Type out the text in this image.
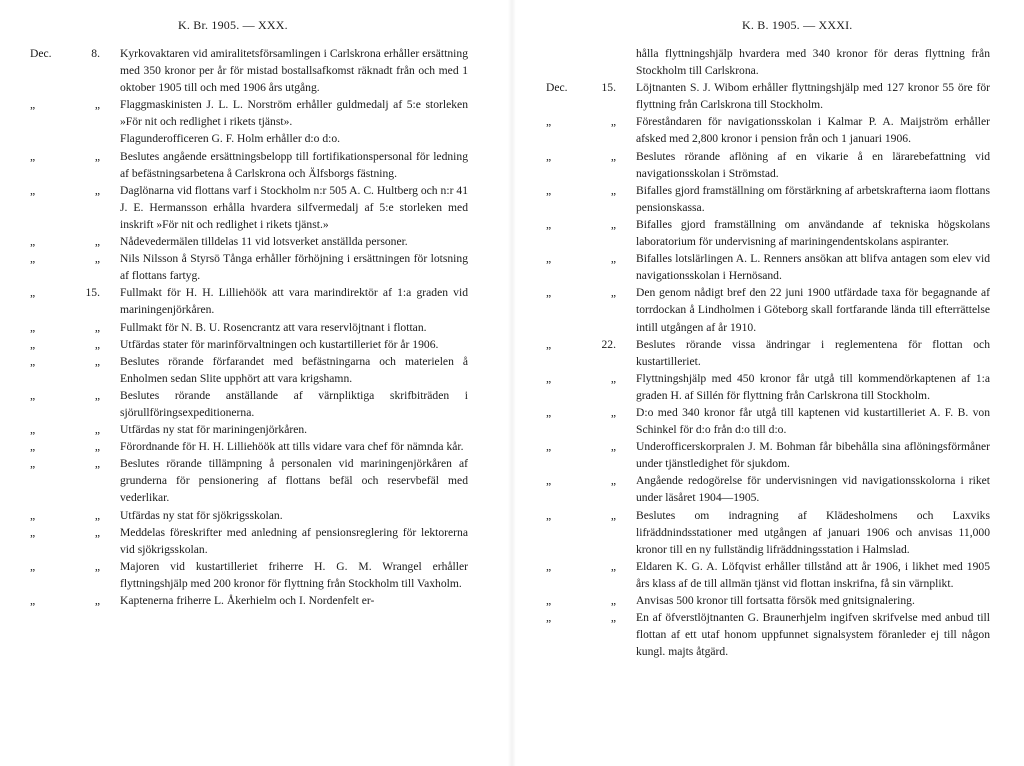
K. Br. 1905. — XXX.
Dec.	8. Kyrkovaktaren vid amiralitetsförsamlingen i Carlskrona erhåller ersättning med 350 kronor per år för mistad bostallsafkomst räknadt från och med 1 oktober 1905 till och med 1906 års utgång.
„	„ Flaggmaskinisten J. L. L. Norström erhåller guldmedalj af 5:e storleken »För nit och redlighet i rikets tjänst».
Flagunderofficeren G. F. Holm erhåller d:o d:o.
„	„ Beslutes angående ersättningsbelopp till fortifikationspersonal för ledning af befästningsarbetena å Carlskrona och Älfsborgs fästning.
„	„ Daglönarna vid flottans varf i Stockholm n:r 505 A. C. Hultberg och n:r 41 J. E. Hermansson erhålla hvardera silfvermedalj af 5:e storleken med inskrift »För nit och redlighet i rikets tjänst.»
„	„ Nådevedermälen tilldelas 11 vid lotsverket anställda personer.
„	„ Nils Nilsson å Styrsö Tånga erhåller förhöjning i ersättningen för lotsning af flottans fartyg.
„	15. Fullmakt för H. H. Lilliehöök att vara marindirektör af 1:a graden vid mariningenjörkåren.
„	„ Fullmakt för N. B. U. Rosencrantz att vara reservlöjtnant i flottan.
„	„ Utfärdas stater för marinförvaltningen och kustartilleriet för år 1906.
„	„ Beslutes rörande förfarandet med befästningarna och materielen å Enholmen sedan Slite upphört att vara krigshamn.
„	„ Beslutes rörande anställande af värnpliktiga skrifbiträden i sjörullföringsexpeditionerna.
„	„ Utfärdas ny stat för mariningenjörkåren.
„	„ Förordnande för H. H. Lilliehöök att tills vidare vara chef för nämnda kår.
„	„ Beslutes rörande tillämpning å personalen vid mariningenjörkåren af grunderna för pensionering af flottans befäl och reservbefäl med vederlikar.
„	„ Utfärdas ny stat för sjökrigsskolan.
„	„ Meddelas föreskrifter med anledning af pensionsreglering för lektorerna vid sjökrigsskolan.
„	„ Majoren vid kustartilleriet friherre H. G. M. Wrangel erhåller flyttningshjälp med 200 kronor för flyttning från Stockholm till Vaxholm.
„	„ Kaptenerna friherre L. Åkerhielm och I. Nordenfelt er-
K. B. 1905. — XXXI.
hålla flyttningshjälp hvardera med 340 kronor för deras flyttning från Stockholm till Carlskrona.
Dec.	15. Löjtnanten S. J. Wibom erhåller flyttningshjälp med 127 kronor 55 öre för flyttning från Carlskrona till Stockholm.
„	„ Föreståndaren för navigationsskolan i Kalmar P. A. Maijström erhåller afsked med 2,800 kronor i pension från och 1 januari 1906.
„	„ Beslutes rörande aflöning af en vikarie å en lärarebefattning vid navigationsskolan i Strömstad.
„	„ Bifalles gjord framställning om förstärkning af arbetskrafterna iaom flottans pensionskassa.
„	„ Bifalles gjord framställning om användande af tekniska högskolans laboratorium för undervisning af mariningendentskolans aspiranter.
„	„ Bifalles lotslärlingen A. L. Renners ansökan att blifva antagen som elev vid navigationsskolan i Hernösand.
„	„ Den genom nådigt bref den 22 juni 1900 utfärdade taxa för begagnande af torrdockan å Lindholmen i Göteborg skall fortfarande lända till efterrättelse intill utgången af år 1910.
„	22. Beslutes rörande vissa ändringar i reglementena för flottan och kustartilleriet.
„	„ Flyttningshjälp med 450 kronor får utgå till kommendörkaptenen af 1:a graden H. af Sillén för flyttning från Carlskrona till Stockholm.
„	„ D:o med 340 kronor får utgå till kaptenen vid kustartilleriet A. F. B. von Schinkel för d:o från d:o till d:o.
„	„ Underofficerskorpralen J. M. Bohman får bibehålla sina aflöningsförmåner under tjänstledighet för sjukdom.
„	„ Angående redogörelse för undervisningen vid navigationsskolorna i riket under läsåret 1904—1905.
„	„ Beslutes om indragning af Klädesholmens och Laxviks lifräddnindsstationer med utgången af januari 1906 och anvisas 11,000 kronor till en ny fullständig lifräddningsstation i Halmslad.
„	„ Eldaren K. G. A. Löfqvist erhåller tillstånd att år 1906, i likhet med 1905 års klass af de till allmän tjänst vid flottan inskrifna, få sin värnplikt.
„	„ Anvisas 500 kronor till fortsatta försök med gnitsignalering.
„	„ En af öfverstlöjtnanten G. Braunerhjelm ingifven skrifvelse med anbud till flottan af ett utaf honom uppfunnet signalsystem föranleder ej till någon kungl. majts åtgärd.
